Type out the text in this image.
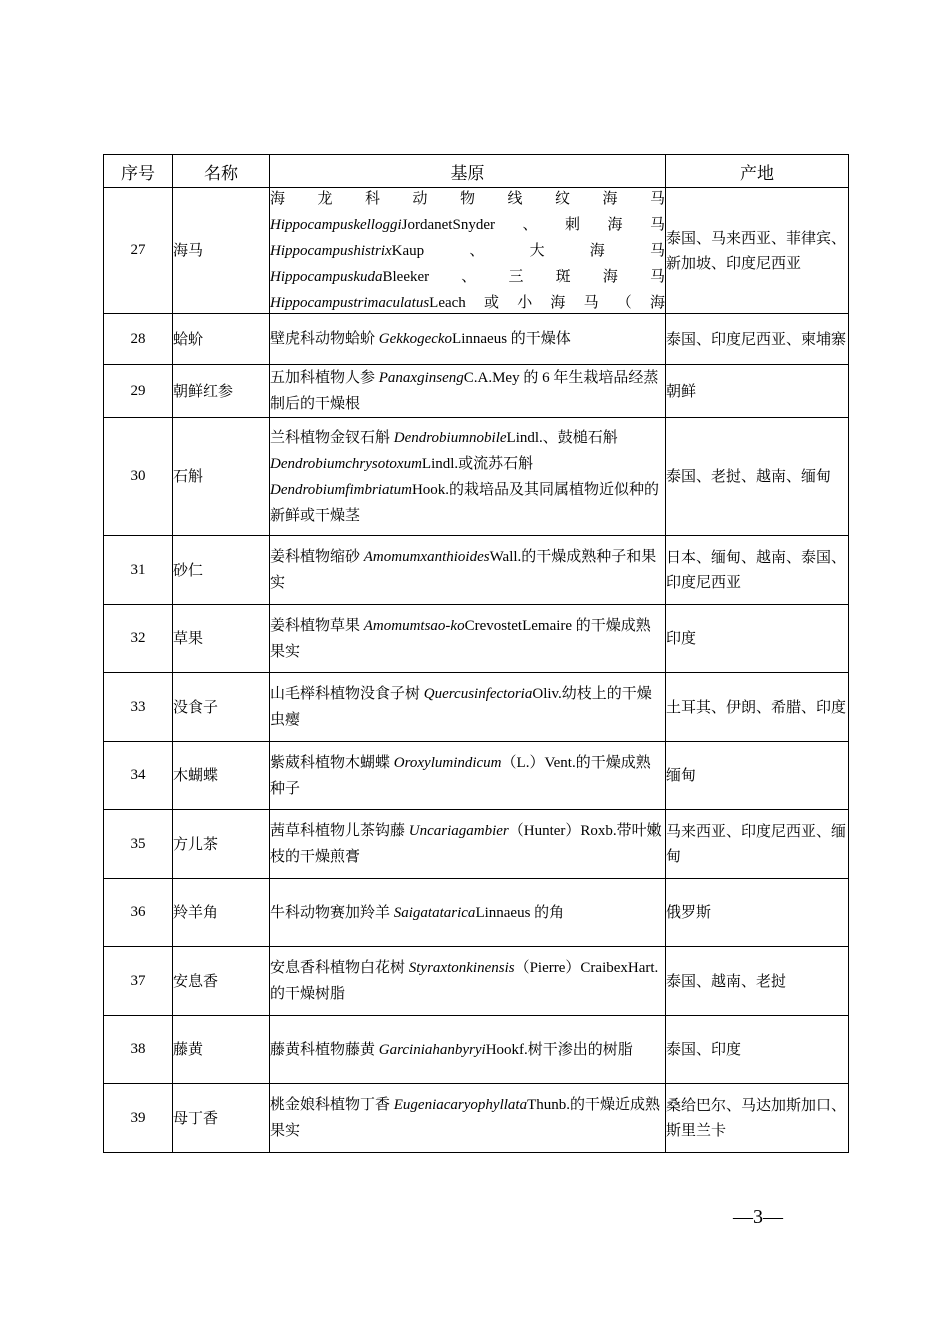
序号	名称	基原	产地
27	海马	海龙科动物线纹海马
HippocampuskelloggiJordanetSnyder、刺海马
HippocampushistrixKaup、大海马
HippocampuskudaBleeker、三斑海马
HippocampustrimaculatusLeach或小海马（海	泰国、马来西亚、菲律宾、新加坡、印度尼西亚
28	蛤蚧	壁虎科动物蛤蚧 GekkogeckoLinnaeus 的干燥体	泰国、印度尼西亚、柬埔寨
29	朝鲜红参	五加科植物人参 PanaxginsengC.A.Mey 的 6 年生栽培品经蒸制后的干燥根	朝鲜
30	石斛	兰科植物金钗石斛 DendrobiumnobileLindl.、鼓槌石斛 DendrobiumchrysotoxumLindl.或流苏石斛 DendrobiumfimbriatumHook.的栽培品及其同属植物近似种的新鲜或干燥茎	泰国、老挝、越南、缅甸
31	砂仁	姜科植物缩砂 AmomumxanthioidesWall.的干燥成熟种子和果实	日本、缅甸、越南、泰国、印度尼西亚
32	草果	姜科植物草果 Amomumtsao-koCrevostetLemaire 的干燥成熟果实	印度
33	没食子	山毛榉科植物没食子树 QuercusinfectoriaOliv.幼枝上的干燥虫瘿	土耳其、伊朗、希腊、印度
34	木蝴蝶	紫葳科植物木蝴蝶 Oroxylumindicum（L.）Vent.的干燥成熟种子	缅甸
35	方儿茶	茜草科植物儿茶钩藤 Uncariagambier（Hunter）Roxb.带叶嫩枝的干燥煎膏	马来西亚、印度尼西亚、缅甸
36	羚羊角	牛科动物赛加羚羊 SaigatataricaLinnaeus 的角	俄罗斯
37	安息香	安息香科植物白花树 Styraxtonkinensis（Pierre）CraibexHart.的干燥树脂	泰国、越南、老挝
38	藤黄	藤黄科植物藤黄 GarciniahanbyryiHookf.树干渗出的树脂	泰国、印度
39	母丁香	桃金娘科植物丁香 EugeniacaryophyllataThunb.的干燥近成熟果实	桑给巴尔、马达加斯加口、斯里兰卡
—3—
